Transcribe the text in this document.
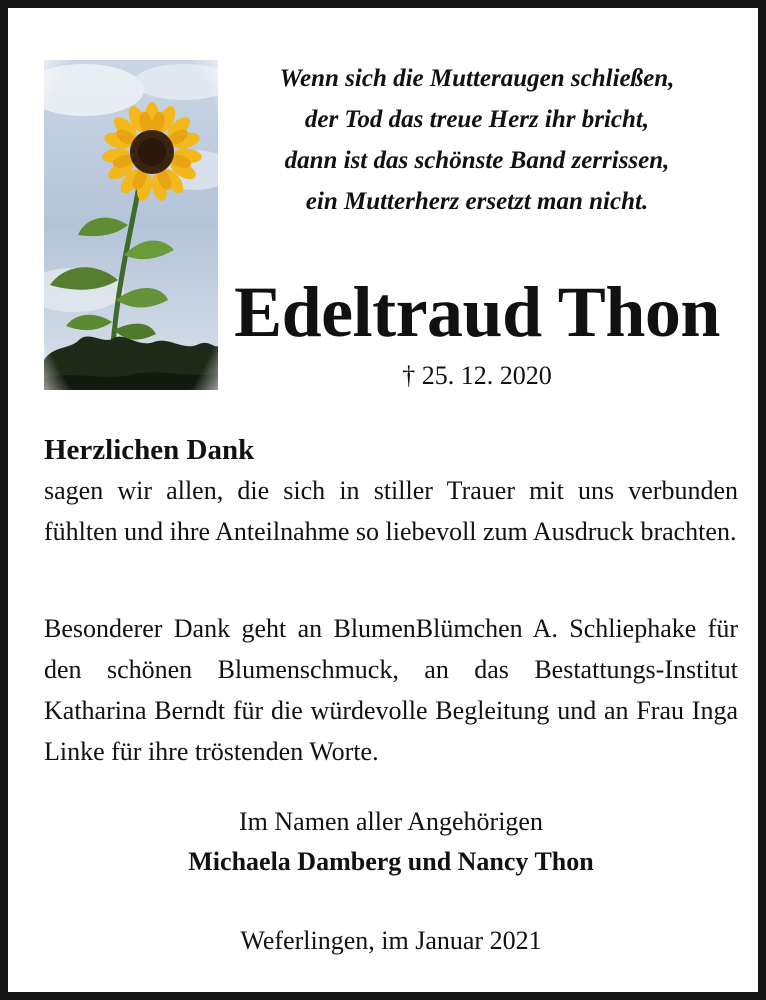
Wenn sich die Mutteraugen schließen,
der Tod das treue Herz ihr bricht,
dann ist das schönste Band zerrissen,
ein Mutterherz ersetzt man nicht.
Edeltraud Thon
† 25. 12. 2020
Herzlichen Dank
sagen wir allen, die sich in stiller Trauer mit uns verbunden fühlten und ihre Anteilnahme so liebevoll zum Ausdruck brachten.
Besonderer Dank geht an BlumenBlümchen A. Schliephake für den schönen Blumenschmuck, an das Bestattungs-Institut Katharina Berndt für die würdevolle Begleitung und an Frau Inga Linke für ihre tröstenden Worte.
Im Namen aller Angehörigen
Michaela Damberg und Nancy Thon
Weferlingen, im Januar 2021
